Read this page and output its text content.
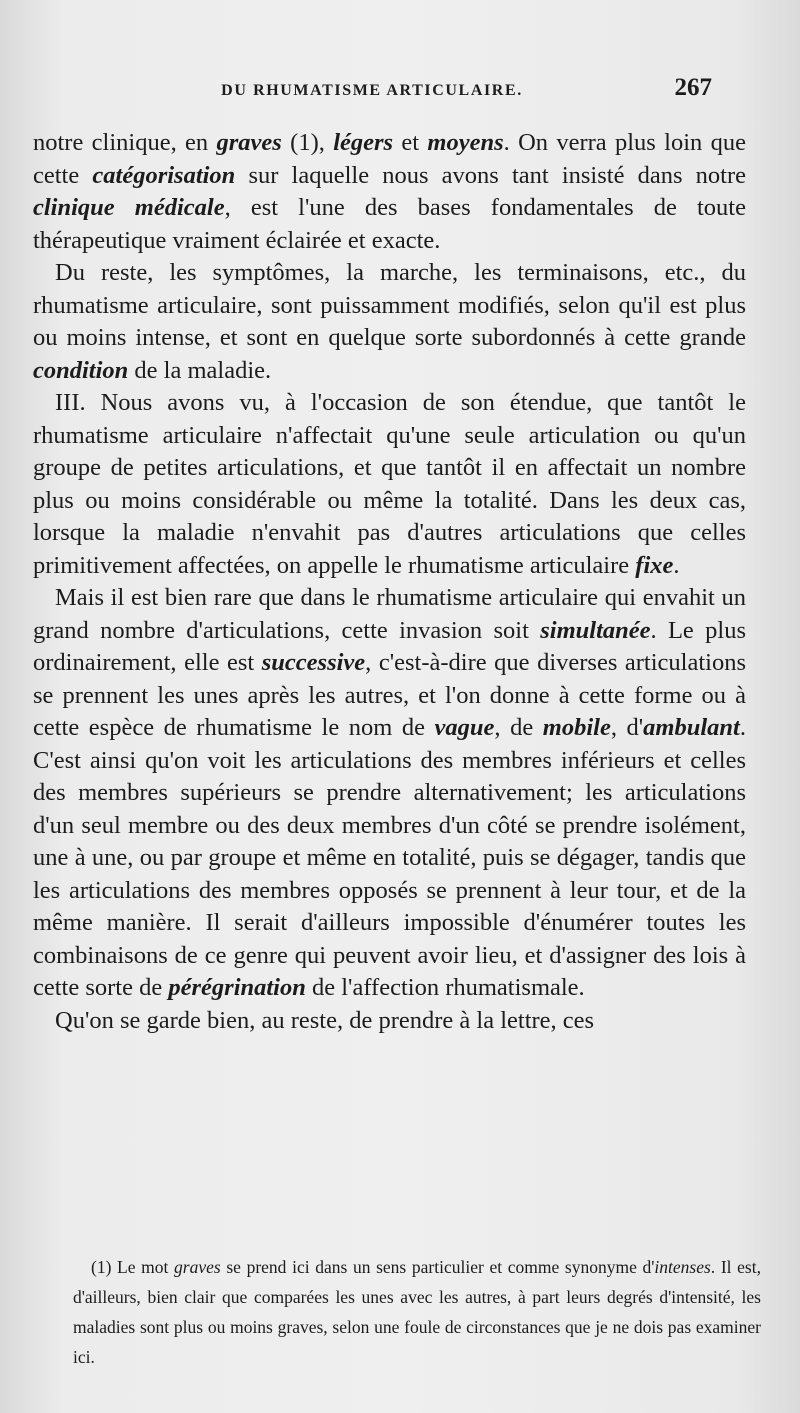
DU RHUMATISME ARTICULAIRE.	267

notre clinique, en graves (1), légers et moyens. On verra plus loin que cette catégorisation sur laquelle nous avons tant insisté dans notre clinique médicale, est l'une des bases fondamentales de toute thérapeutique vraiment éclairée et exacte.

Du reste, les symptômes, la marche, les terminaisons, etc., du rhumatisme articulaire, sont puissamment modifiés, selon qu'il est plus ou moins intense, et sont en quelque sorte subordonnés à cette grande condition de la maladie.

III. Nous avons vu, à l'occasion de son étendue, que tantôt le rhumatisme articulaire n'affectait qu'une seule articulation ou qu'un groupe de petites articulations, et que tantôt il en affectait un nombre plus ou moins considérable ou même la totalité. Dans les deux cas, lorsque la maladie n'envahit pas d'autres articulations que celles primitivement affectées, on appelle le rhumatisme articulaire fixe.

Mais il est bien rare que dans le rhumatisme articulaire qui envahit un grand nombre d'articulations, cette invasion soit simultanée. Le plus ordinairement, elle est successive, c'est-à-dire que diverses articulations se prennent les unes après les autres, et l'on donne à cette forme ou à cette espèce de rhumatisme le nom de vague, de mobile, d'ambulant. C'est ainsi qu'on voit les articulations des membres inférieurs et celles des membres supérieurs se prendre alternativement; les articulations d'un seul membre ou des deux membres d'un côté se prendre isolément, une à une, ou par groupe et même en totalité, puis se dégager, tandis que les articulations des membres opposés se prennent à leur tour, et de la même manière. Il serait d'ailleurs impossible d'énumérer toutes les combinaisons de ce genre qui peuvent avoir lieu, et d'assigner des lois à cette sorte de pérégrination de l'affection rhumatismale.

Qu'on se garde bien, au reste, de prendre à la lettre, ces

(1) Le mot graves se prend ici dans un sens particulier et comme synonyme d'intenses. Il est, d'ailleurs, bien clair que comparées les unes avec les autres, à part leurs degrés d'intensité, les maladies sont plus ou moins graves, selon une foule de circonstances que je ne dois pas examiner ici.
